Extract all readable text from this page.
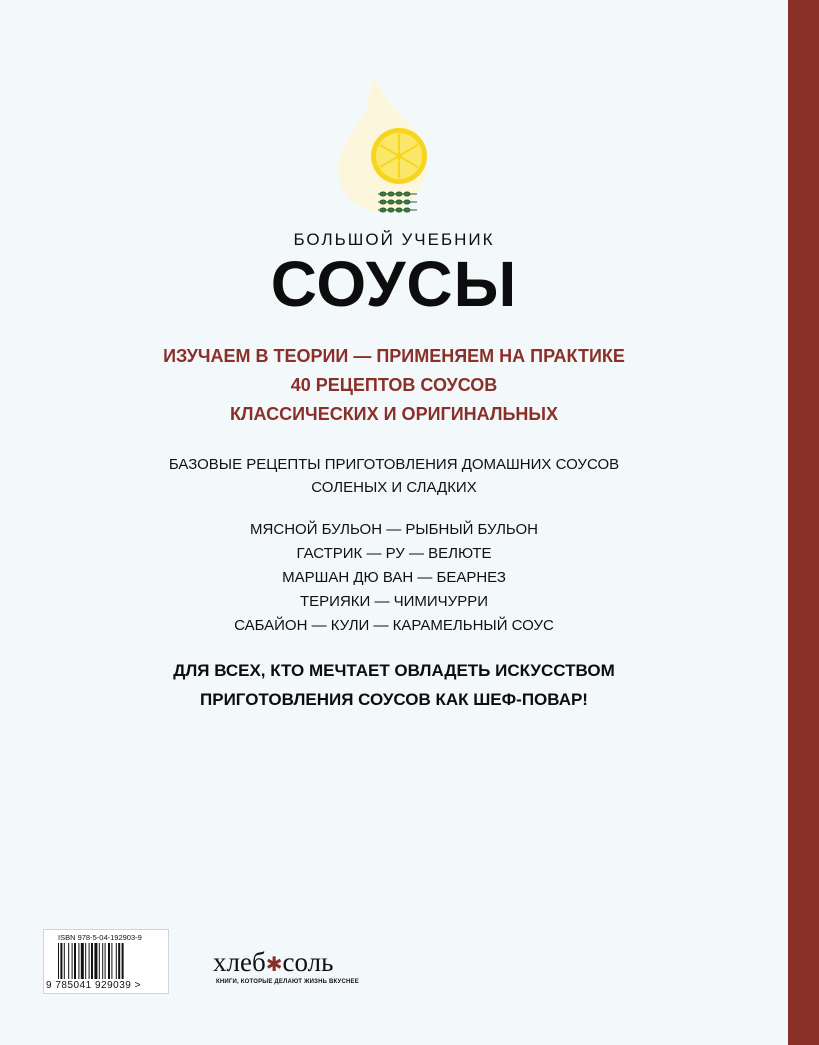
БОЛЬШОЙ УЧЕБНИК
СОУСЫ
ИЗУЧАЕМ В ТЕОРИИ — ПРИМЕНЯЕМ НА ПРАКТИКЕ
40 РЕЦЕПТОВ СОУСОВ
КЛАССИЧЕСКИХ И ОРИГИНАЛЬНЫХ
БАЗОВЫЕ РЕЦЕПТЫ ПРИГОТОВЛЕНИЯ ДОМАШНИХ СОУСОВ
СОЛЕНЫХ И СЛАДКИХ
МЯСНОЙ БУЛЬОН — РЫБНЫЙ БУЛЬОН
ГАСТРИК — РУ — ВЕЛЮТЕ
МАРШАН ДЮ ВАН — БЕАРНЕЗ
ТЕРИЯКИ — ЧИМИЧУРРИ
САБАЙОН — КУЛИ — КАРАМЕЛЬНЫЙ СОУС
ДЛЯ ВСЕХ, КТО МЕЧТАЕТ ОВЛАДЕТЬ ИСКУССТВОМ
ПРИГОТОВЛЕНИЯ СОУСОВ КАК ШЕФ-ПОВАР!
ISBN 978-5-04-192903-9
9 785041 929039 >
хлеб✱соль
КНИГИ, КОТОРЫЕ ДЕЛАЮТ ЖИЗНЬ ВКУСНЕЕ
